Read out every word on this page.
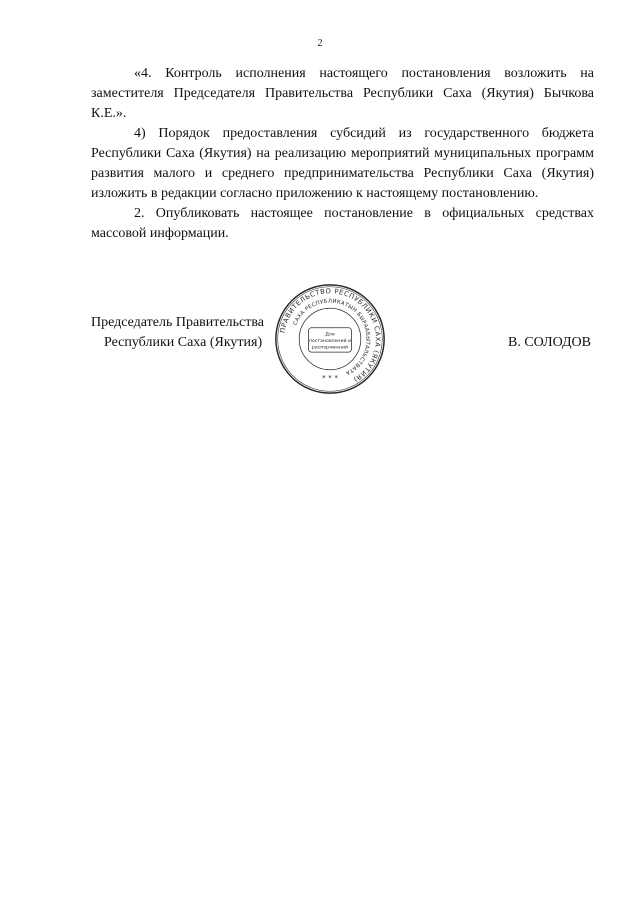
2

«4. Контроль исполнения настоящего постановления возложить на заместителя Председателя Правительства Республики Саха (Якутия) Бычкова К.Е.».

4) Порядок предоставления субсидий из государственного бюджета Республики Саха (Якутия) на реализацию мероприятий муниципальных программ развития малого и среднего предпринимательства Республики Саха (Якутия) изложить в редакции согласно приложению к настоящему постановлению.

2. Опубликовать настоящее постановление в официальных средствах массовой информации.

Председатель Правительства
Республики Саха (Якутия)	В. СОЛОДОВ
ПРАВИТЕЛЬСТВО РЕСПУБЛИКИ САХА (ЯКУТИЯ)
САХА РЕСПУБЛИКАТЫН БЫРААБЫТАЛЬСТВАТА
Для
постановлений и
распоряжений
* * *
